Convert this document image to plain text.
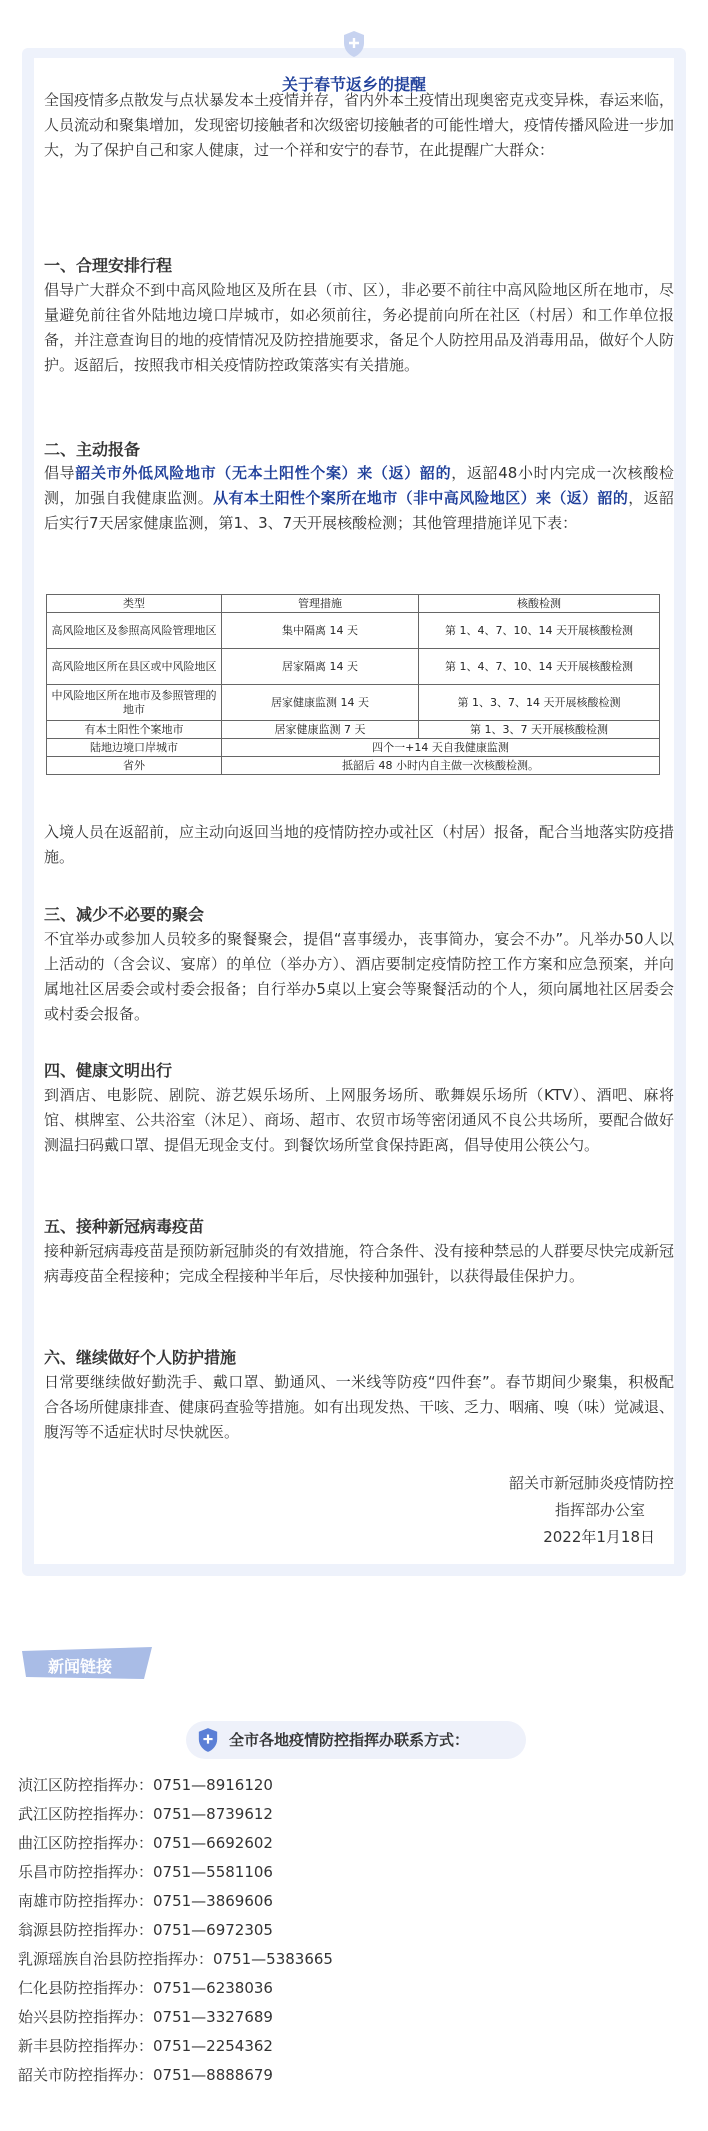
关于春节返乡的提醒

全国疫情多点散发与点状暴发本土疫情并存，省内外本土疫情出现奥密克戎变异株，春运来临，人员流动和聚集增加，发现密切接触者和次级密切接触者的可能性增大，疫情传播风险进一步加大，为了保护自己和家人健康，过一个祥和安宁的春节，在此提醒广大群众：

一、合理安排行程

倡导广大群众不到中高风险地区及所在县（市、区），非必要不前往中高风险地区所在地市，尽量避免前往省外陆地边境口岸城市，如必须前往，务必提前向所在社区（村居）和工作单位报备，并注意查询目的地的疫情情况及防控措施要求，备足个人防控用品及消毒用品，做好个人防护。返韶后，按照我市相关疫情防控政策落实有关措施。

二、主动报备

倡导韶关市外低风险地市（无本土阳性个案）来（返）韶的，返韶48小时内完成一次核酸检测，加强自我健康监测。从有本土阳性个案所在地市（非中高风险地区）来（返）韶的，返韶后实行7天居家健康监测，第1、3、7天开展核酸检测；其他管理措施详见下表：

类型	管理措施	核酸检测
高风险地区及参照高风险管理地区	集中隔离 14 天	第 1、4、7、10、14 天开展核酸检测
高风险地区所在县区或中风险地区	居家隔离 14 天	第 1、4、7、10、14 天开展核酸检测
中风险地区所在地市及参照管理的地市	居家健康监测 14 天	第 1、3、7、14 天开展核酸检测
有本土阳性个案地市	居家健康监测 7 天	第 1、3、7 天开展核酸检测
陆地边境口岸城市	四个一+14 天自我健康监测	
省外	抵韶后 48 小时内自主做一次核酸检测。	

入境人员在返韶前，应主动向返回当地的疫情防控办或社区（村居）报备，配合当地落实防疫措施。

三、减少不必要的聚会

不宜举办或参加人员较多的聚餐聚会，提倡“喜事缓办，丧事简办，宴会不办”。凡举办50人以上活动的（含会议、宴席）的单位（举办方）、酒店要制定疫情防控工作方案和应急预案，并向属地社区居委会或村委会报备；自行举办5桌以上宴会等聚餐活动的个人，须向属地社区居委会或村委会报备。

四、健康文明出行

到酒店、电影院、剧院、游艺娱乐场所、上网服务场所、歌舞娱乐场所（KTV）、酒吧、麻将馆、棋牌室、公共浴室（沐足）、商场、超市、农贸市场等密闭通风不良公共场所，要配合做好测温扫码戴口罩、提倡无现金支付。到餐饮场所堂食保持距离，倡导使用公筷公勺。

五、接种新冠病毒疫苗

接种新冠病毒疫苗是预防新冠肺炎的有效措施，符合条件、没有接种禁忌的人群要尽快完成新冠病毒疫苗全程接种；完成全程接种半年后，尽快接种加强针，以获得最佳保护力。

六、继续做好个人防护措施

日常要继续做好勤洗手、戴口罩、勤通风、一米线等防疫“四件套”。春节期间少聚集，积极配合各场所健康排查、健康码查验等措施。如有出现发热、干咳、乏力、咽痛、嗅（味）觉减退、腹泻等不适症状时尽快就医。

韶关市新冠肺炎疫情防控
指挥部办公室
2022年1月18日
新闻链接
全市各地疫情防控指挥办联系方式：
浈江区防控指挥办：0751—8916120
武江区防控指挥办：0751—8739612
曲江区防控指挥办：0751—6692602
乐昌市防控指挥办：0751—5581106
南雄市防控指挥办：0751—3869606
翁源县防控指挥办：0751—6972305
乳源瑶族自治县防控指挥办：0751—5383665
仁化县防控指挥办：0751—6238036
始兴县防控指挥办：0751—3327689
新丰县防控指挥办：0751—2254362
韶关市防控指挥办：0751—8888679
